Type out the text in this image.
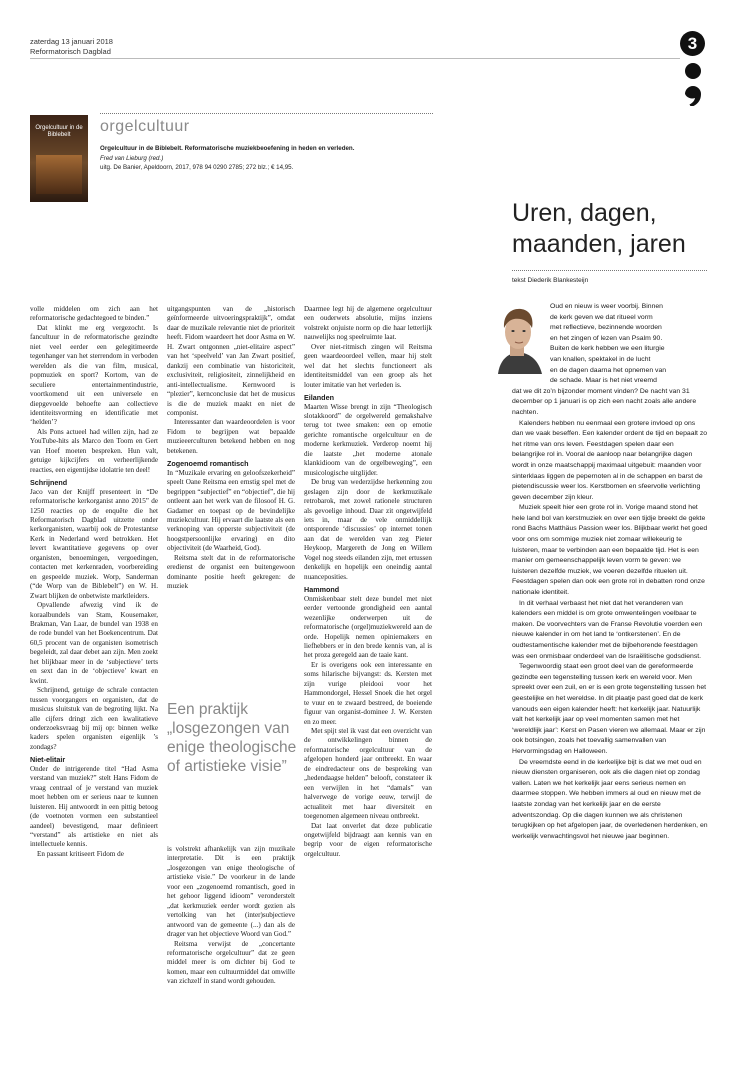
zaterdag 13 januari 2018
Reformatorisch Dagblad	3
Orgelcultuur in de Biblebelt	orgelcultuur
Orgelcultuur in de Biblebelt. Reformatorische muziekbeoefening in heden en verleden.
Fred van Lieburg (red.)
uitg. De Banier, Apeldoorn, 2017, 978 94 0290 2785; 272 blz.; € 14,95.

volle middelen om zich aan het reformatorische gedachtegoed te binden.”

Dat klinkt me erg vergezocht. Is fancultuur in de reformatorische gezindte niet veel eerder een gelegitimeerde tegenhanger van het sterrendom in verboden werelden als die van film, musical, popmuziek en sport? Kortom, van de seculiere entertainmentindustrie, voortkomend uit een universele en diepgevoelde behoefte aan collectieve identiteitsvorming en identificatie met ‘helden’?

Als Pons actueel had willen zijn, had ze YouTube-hits als Marco den Toom en Gert van Hoef moeten bespreken. Hun valt, getuige kijkcijfers en verheerlijkende reacties, een eigentijdse idolatrie ten deel!

Schrijnend

Jaco van der Knijff presenteert in “De reformatorische kerkorganist anno 2015” de 1250 reacties op de enquête die het Reformatorisch Dagblad uitzette onder kerkorganisten, waarbij ook de Protestantse Kerk in Nederland werd betrokken. Het levert kwantitatieve gegevens op over organisten, benoemingen, vergoedingen, contacten met kerkenraden, voorbereiding en gespeelde muziek. Worp, Sanderman (“de Worp van de Biblebelt”) en W. H. Zwart blijken de onbetwiste marktleiders.

Opvallende afwezig vind ik de koraalbundels van Stam, Kousemaker, Brakman, Van Laar, de bundel van 1938 en de rode bundel van het Boekencentrum. Dat 60,5 procent van de organisten isometrisch begeleidt, zal daar debet aan zijn. Men zoekt het blijkbaar meer in de ‘subjectieve’ terts en sext dan in de ‘objectieve’ kwart en kwint.

Schrijnend, getuige de schrale contacten tussen voorgangers en organisten, dat de musicus sluitstuk van de begroting lijkt. Na alle cijfers dringt zich een kwalitatieve onderzoeksvraag bij mij op: binnen welke kaders spelen organisten eigenlijk ’s zondags?

Niet-elitair

Onder de intrigerende titel “Had Asma verstand van muziek?” stelt Hans Fidom de vraag centraal of je verstand van muziek moet hebben om er serieus naar te kunnen luisteren. Hij antwoordt in een pittig betoog (de voetnoten vormen een substantieel aandeel) bevestigend, maar definieert “verstand” als artistieke en niet als intellectuele kennis.

En passant kritiseert Fidom de

uitgangspunten van de „historisch geïnformeerde uitvoeringspraktijk”, omdat daar de muzikale relevantie niet de prioriteit heeft. Fidom waardeert het door Asma en W. H. Zwart ontgonnen „niet-elitaire aspect” van het ‘speelveld’ van Jan Zwart positief, dankzij een combinatie van historiciteit, exclusiviteit, religiositeit, zinnelijkheid en anti-intellectualisme. Kernwoord is “plezier”, kernconclusie dat het de musicus is die de muziek maakt en niet de componist.

Interessanter dan waardeoordelen is voor Fidom te begrijpen wat bepaalde muzieeerculturen betekend hebben en nog betekenen.

Zogenoemd romantisch

In “Muzikale ervaring en geloofszekerheid” speelt Oane Reitsma een ernstig spel met de begrippen “subjectief” en “objectief”, die hij ontleent aan het werk van de filosoof H. G. Gadamer en toepast op de bevindelijke muziekcultuur. Hij ervaart die laatste als een verknoping van opperste subjectiviteit (de hoogstpersoonlijke ervaring) en dito objectiviteit (de Waarheid, God).

Reitsma stelt dat in de reformatorische eredienst de organist een buitengewoon dominante positie heeft gekregen: de muziek

Een praktijk „losgezongen van enige theologische of artistieke visie”

is volstrekt afhankelijk van zijn muzikale interpretatie. Dit is een praktijk „losgezongen van enige theologische of artistieke visie.” De voorkeur in de lande voor een „zogenoemd romantisch, goed in het gehoor liggend idioom” veronderstelt „dat kerkmuziek eerder wordt gezien als vertolking van het (inter)subjectieve antwoord van de gemeente (...) dan als de drager van het objectieve Woord van God.”

Reitsma verwijst de „concertante reformatorische orgelcultuur” dat ze geen middel meer is om dichter bij God te komen, maar een cultuurmiddel dat omwille van zichzelf in stand wordt gehouden.

Daarmee legt hij de algemene orgelcultuur een ouderwets absolutie, mijns inziens volstrekt onjuiste norm op die haar letterlijk nauwelijks nog speelruimte laat.

Over niet-ritmisch zingen wil Reitsma geen waardeoordeel vellen, maar hij stelt wel dat het slechts functioneert als identiteitsmiddel van een groep als het louter imitatie van het verleden is.

Eilanden

Maarten Wisse brengt in zijn “Theologisch slotakkoord” de orgelwereld gemakshalve terug tot twee smaken: een op emotie gerichte romantische orgelcultuur en de moderne kerkmuziek. Verderop noemt hij die laatste „het moderne atonale klankidioom van de orgelbeweging”, een musicologische uitglijder.

De brug van wederzijdse herkenning zou geslagen zijn door de kerkmuzikale retrobarok, met zowel rationele structuren als gevoelige inhoud. Daar zit ongetwijfeld iets in, maar de vele onmiddellijk ontsporende ‘discussies’ op internet tonen aan dat de werelden van zeg Pieter Heykoop, Margereth de Jong en Willem Vogel nog steeds eilanden zijn, met ertussen denkelijk en hopelijk een oneindig aantal nuanceposities.

Hammond

Onmiskenbaar stelt deze bundel met niet eerder vertoonde grondigheid een aantal wezenlijke onderwerpen uit de reformatorische (orgel)muziekwereld aan de orde. Hopelijk nemen opiniemakers en liefhebbers er in den brede kennis van, al is het proza geregeld aan de taaie kant.

Er is overigens ook een interessante en soms hilarische bijvangst: ds. Kersten met zijn vurige pleidooi voor het Hammondorgel, Hessel Snoek die het orgel te vuur en te zwaard bestreed, de boeiende figuur van organist-dominee J. W. Kersten en zo meer.

Met spijt stel ik vast dat een overzicht van de ontwikkelingen binnen de reformatorische orgelcultuur van de afgelopen honderd jaar ontbreekt. En waar de eindredacteur ons de bespreking van „hedendaagse helden” belooft, constateer ik een verwijlen in het “damals” van halverwege de vorige eeuw, terwijl de actualiteit met haar diversiteit en toegenomen algemeen niveau ontbreekt.

Dat laat onverlet dat deze publicatie ongetwijfeld bijdraagt aan kennis van en begrip voor de eigen reformatorische orgelcultuur.

Uren, dagen,
maanden, jaren
tekst Diederik Blankesteijn

Oud en nieuw is weer voorbij. Binnen
de kerk geven we dat ritueel vorm
met reflectieve, bezinnende woorden
en het zingen of lezen van Psalm 90.
Buiten de kerk hebben we een liturgie
van knallen, spektakel in de lucht
en de dagen daarna het opnemen van
de schade. Maar is het niet vreemd

dat we dit zo’n bijzonder moment vinden? De nacht van 31 december op 1 januari is op zich een nacht zoals alle andere nachten.

Kalenders hebben nu eenmaal een grotere invloed op ons dan we vaak beseffen. Een kalender ordent de tijd en bepaalt zo het ritme van ons leven. Feestdagen spelen daar een belangrijke rol in. Vooral de aanloop naar belangrijke dagen wordt in onze maatschappij maximaal uitgebuit: maanden voor sinterklaas liggen de pepernoten al in de schappen en barst de pietendiscussie weer los. Kerstbomen en sfeervolle verlichting geven december zijn kleur.

Muziek speelt hier een grote rol in. Vorige maand stond het hele land bol van kerstmuziek en over een tijdje breekt de gekte rond Bachs Matthäus Passion weer los. Blijkbaar werkt het goed voor ons om sommige muziek niet zomaar willekeurig te luisteren, maar te verbinden aan een bepaalde tijd. Het is een manier om gemeenschappelijk leven vorm te geven: we luisteren dezelfde muziek, we voeren dezelfde rituelen uit. Feestdagen spelen dan ook een grote rol in debatten rond onze nationale identiteit.

In dit verhaal verbaast het niet dat het veranderen van kalenders een middel is om grote omwentelingen voelbaar te maken. De voorvechters van de Franse Revolutie voerden een nieuwe kalender in om het land te ‘ontkerstenen’. En de oudtestamentische kalender met de bijbehorende feestdagen was een onmisbaar onderdeel van de Israëlitische godsdienst.

Tegenwoordig staat een groot deel van de gereformeerde gezindte een tegenstelling tussen kerk en wereld voor. Men spreekt over een zuil, en er is een grote tegenstelling tussen het geestelijke en het wereldse. In dit plaatje past goed dat de kerk vanouds een eigen kalender heeft: het kerkelijk jaar. Natuurlijk valt het kerkelijk jaar op veel momenten samen met het ‘wereldlijk jaar’: Kerst en Pasen vieren we allemaal. Maar er zijn ook botsingen, zoals het toevallig samenvallen van Hervormingsdag en Halloween.

De vreemdste eend in de kerkelijke bijt is dat we met oud en nieuw diensten organiseren, ook als die dagen niet op zondag vallen. Laten we het kerkelijk jaar eens serieus nemen en daarmee stoppen. We hebben immers al oud en nieuw met de laatste zondag van het kerkelijk jaar en de eerste adventszondag. Op die dagen kunnen we als christenen terugkijken op het afgelopen jaar, de overledenen herdenken, en werkelijk verwachtingsvol het nieuwe jaar beginnen.
